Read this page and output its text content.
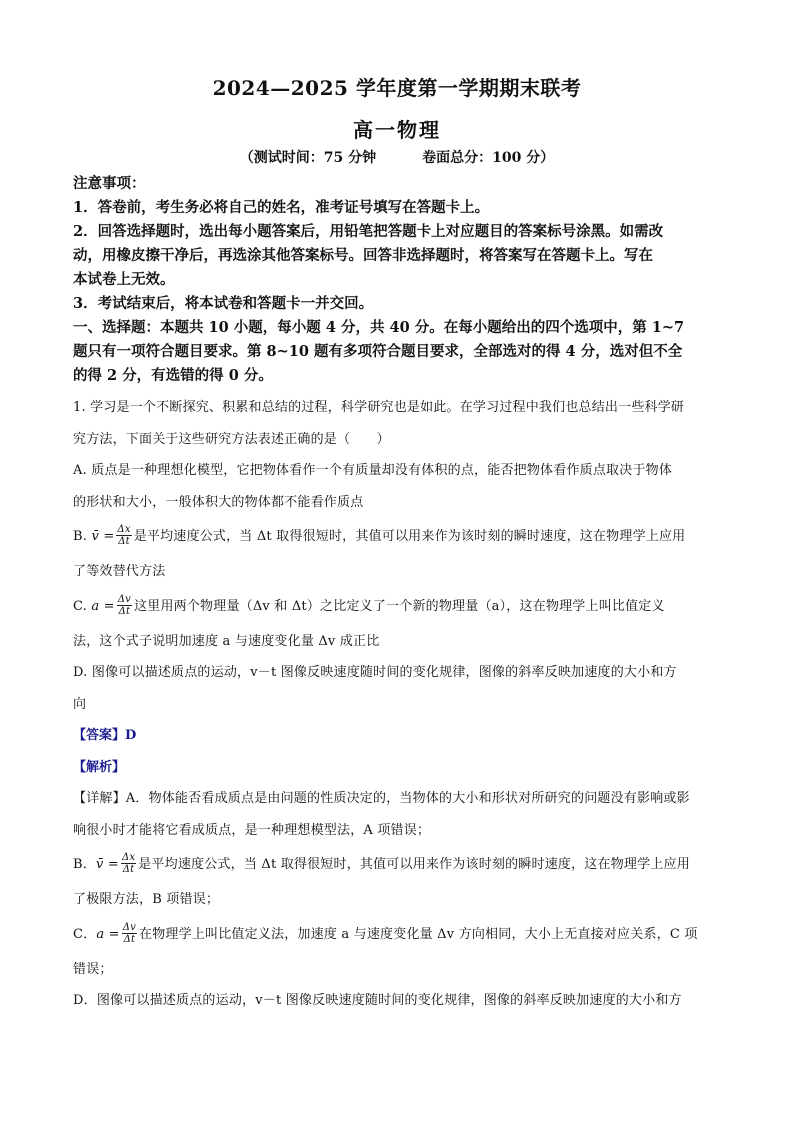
2024—2025 学年度第一学期期末联考
高一物理
（测试时间：75 分钟	卷面总分：100 分）

注意事项：

1．答卷前，考生务必将自己的姓名，准考证号填写在答题卡上。

2．回答选择题时，选出每小题答案后，用铅笔把答题卡上对应题目的答案标号涂黑。如需改

动，用橡皮擦干净后，再选涂其他答案标号。回答非选择题时，将答案写在答题卡上。写在

本试卷上无效。

3．考试结束后，将本试卷和答题卡一并交回。

一、选择题：本题共 10 小题，每小题 4 分，共 40 分。在每小题给出的四个选项中，第 1~7

题只有一项符合题目要求。第 8~10 题有多项符合题目要求，全部选对的得 4 分，选对但不全

的得 2 分，有选错的得 0 分。

1. 学习是一个不断探究、积累和总结的过程，科学研究也是如此。在学习过程中我们也总结出一些科学研

究方法，下面关于这些研究方法表述正确的是（　　）

A. 质点是一种理想化模型，它把物体看作一个有质量却没有体积的点，能否把物体看作质点取决于物体

的形状和大小，一般体积大的物体都不能看作质点

B. v̄ = $\frac{\Delta x}{\Delta t}$ 是平均速度公式，当 Δt 取得很短时，其值可以用来作为该时刻的瞬时速度，这在物理学上应用

了等效替代方法

C. $a = \frac{\Delta v}{\Delta t}$ 这里用两个物理量（Δv 和 Δt）之比定义了一个新的物理量（a），这在物理学上叫比值定义

法，这个式子说明加速度 a 与速度变化量 Δv 成正比

D. 图像可以描述质点的运动，v－t 图像反映速度随时间的变化规律，图像的斜率反映加速度的大小和方

向

【答案】D

【解析】

【详解】A．物体能否看成质点是由问题的性质决定的，当物体的大小和形状对所研究的问题没有影响或影

响很小时才能将它看成质点，是一种理想模型法，A 项错误；

B．v̄ = $\frac{\Delta x}{\Delta t}$ 是平均速度公式，当 Δt 取得很短时，其值可以用来作为该时刻的瞬时速度，这在物理学上应用

了极限方法，B 项错误；

C．$a = \frac{\Delta v}{\Delta t}$ 在物理学上叫比值定义法，加速度 a 与速度变化量 Δv 方向相同，大小上无直接对应关系，C 项

错误；

D．图像可以描述质点的运动，v－t 图像反映速度随时间的变化规律，图像的斜率反映加速度的大小和方
